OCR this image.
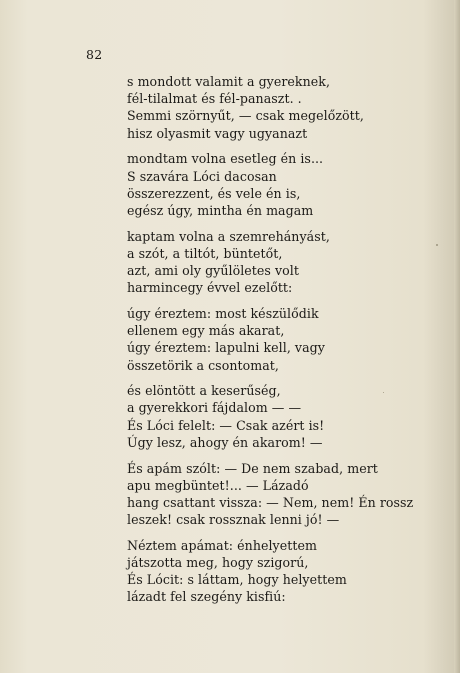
82
s mondott valamit a gyereknek,
fél-tilalmat és fél-panaszt. .
Semmi szörnyűt, — csak megelőzött,
hisz olyasmit vagy ugyanazt
mondtam volna esetleg én is...
S szavára Lóci dacosan
összerezzent, és vele én is,
egész úgy, mintha én magam
kaptam volna a szemrehányást,
a szót, a tiltót, büntetőt,
azt, ami oly gyűlöletes volt
harmincegy évvel ezelőtt:
úgy éreztem: most készülődik
ellenem egy más akarat,
úgy éreztem: lapulni kell, vagy
összetörik a csontomat,
és elöntött a keserűség,
a gyerekkori fájdalom — —
És Lóci felelt: — Csak azért is!
Úgy lesz, ahogy én akarom! —
És apám szólt: — De nem szabad, mert
apu megbüntet!... — Lázadó
hang csattant vissza: — Nem, nem! Én rossz
leszek! csak rossznak lenni jó! —
Néztem apámat: énhelyettem
játszotta meg, hogy szigorú,
És Lócit: s láttam, hogy helyettem
lázadt fel szegény kisfiú:
